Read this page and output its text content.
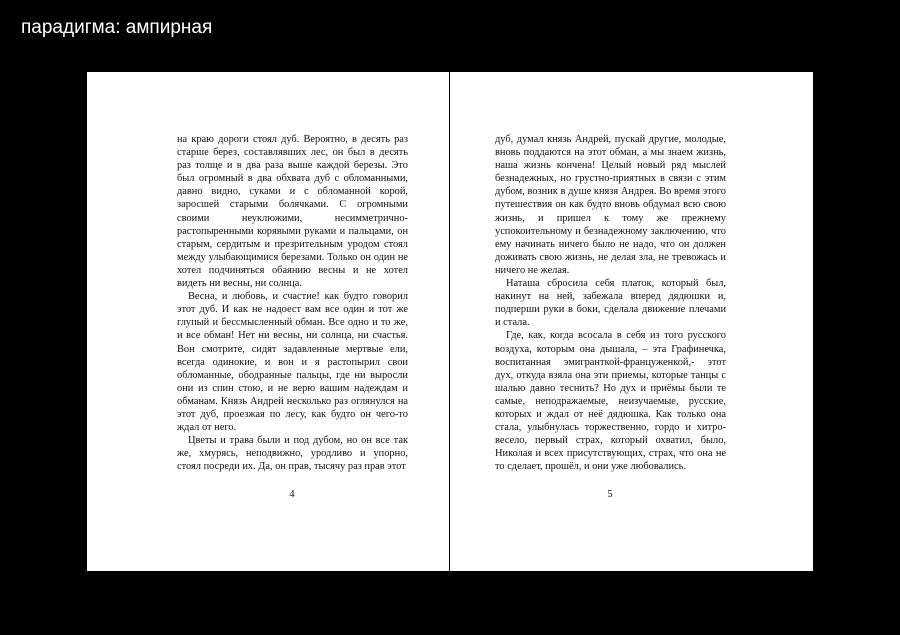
парадигма: ампирная

на краю дороги стоял дуб. Вероятно, в десять раз старше берез, составлявших лес, он был в десять раз толще и в два раза выше каждой березы. Это был огромный в два обхвата дуб с обломанными, давно видно, суками и с обломанной корой, заросшей старыми болячками. С огромными своими неуклюжими, несимметрично-растопыренными корявыми руками и пальцами, он старым, сердитым и презрительным уродом стоял между улыбающимися березами. Только он один не хотел подчиняться обаянию весны и не хотел видеть ни весны, ни солнца.

Весна, и любовь, и счастие! как будто говорил этот дуб. И как не надоест вам все один и тот же глупый и бессмысленный обман. Все одно и то же, и все обман! Нет ни весны, ни солнца, ни счастья. Вон смотрите, сидят задавленные мертвые ели, всегда одинокие, и вон и я растопырил свои обломанные, ободранные пальцы, где ни выросли они из спин стою, и не верю вашим надеждам и обманам. Князь Андрей несколько раз оглянулся на этот дуб, проезжая по лесу, как будто он чего-то ждал от него.

Цветы и трава были и под дубом, но он все так же, хмурясь, неподвижно, уродливо и упорно, стоял посреди их. Да, он прав, тысячу раз прав этот

4

дуб, думал князь Андрей, пускай другие, молодые, вновь поддаются на этот обман, а мы знаем жизнь, наша жизнь кончена! Целый новый ряд мыслей безнадежных, но грустно-приятных в связи с этим дубом, возник в душе князя Андрея. Во время этого путешествия он как будто вновь обдумал всю свою жизнь, и пришел к тому же прежнему успокоительному и безнадежному заключению, что ему начинать ничего было не надо, что он должен доживать свою жизнь, не делая зла, не тревожась и ничего не желая.

Наташа сбросила себя платок, который был, накинут на ней, забежала вперед дядюшки и, подперши руки в боки, сделала движение плечами и стала.

Где, как, когда всосала в себя из того русского воздуха, которым она дышала, – эта Графинечка, воспитанная эмигранткой-француженкой,- этот дух, откуда взяла она эти приемы, которые танцы с шалью давно теснить? Но дух и приёмы были те самые, неподражаемые, неизучаемые, русские, которых и ждал от неё дядюшка. Как только она стала, улыбнулась торжественно, гордо и хитро-весело, первый страх, который охватил, было, Николая и всех присутствующих, страх, что она не то сделает, прошёл, и они уже любовались.

5
